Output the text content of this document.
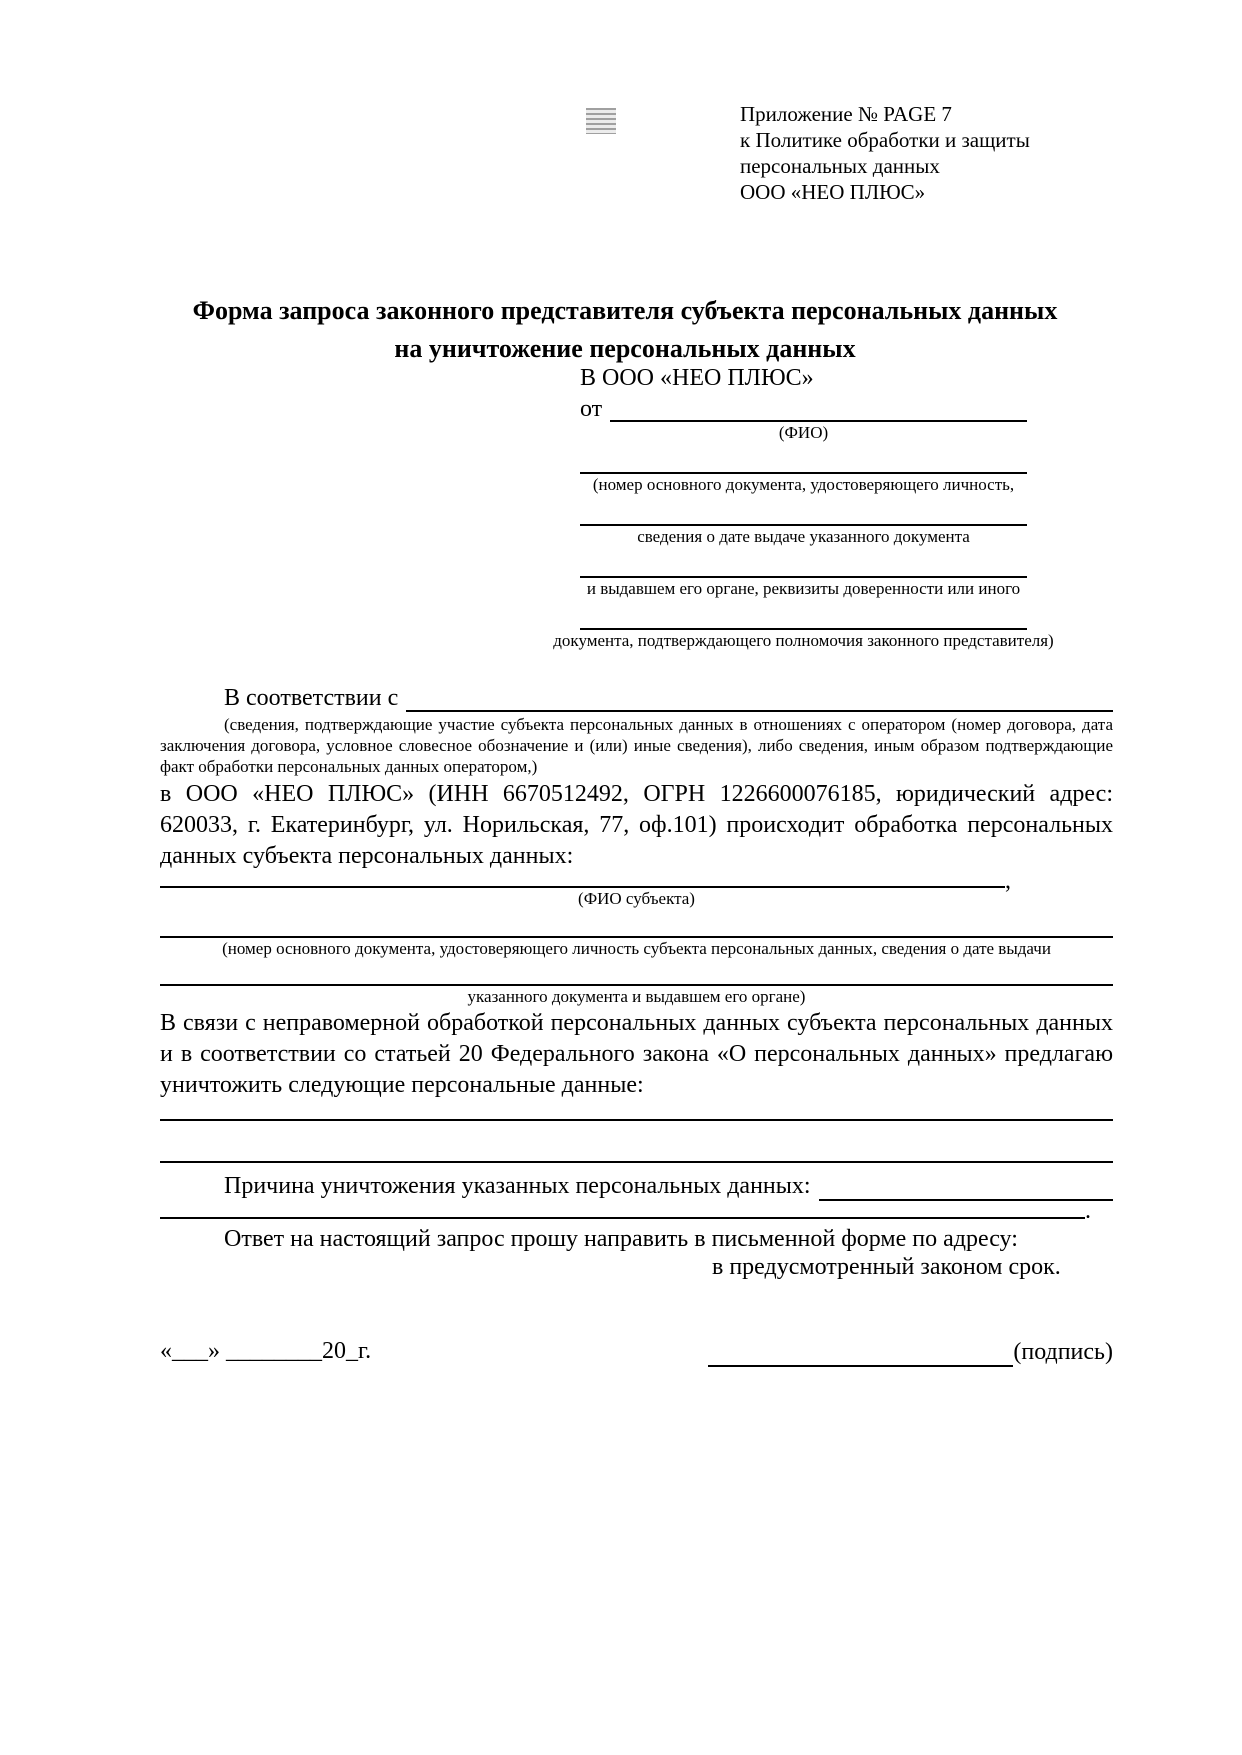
Приложение № PAGE 7
к Политике обработки и защиты
персональных данных
ООО «НЕО ПЛЮС»
Форма запроса законного представителя субъекта персональных данных
на уничтожение персональных данных
В ООО «НЕО ПЛЮС»
от
(ФИО)
(номер основного документа, удостоверяющего личность,
сведения о дате выдаче указанного документа
и выдавшем его органе, реквизиты доверенности или иного
документа, подтверждающего полномочия законного представителя)
В соответствии с
(сведения, подтверждающие участие субъекта персональных данных в отношениях с оператором (номер договора, дата заключения договора, условное словесное обозначение и (или) иные сведения), либо сведения, иным образом подтверждающие факт обработки персональных данных оператором,)
в ООО «НЕО ПЛЮС» (ИНН 6670512492, ОГРН 1226600076185, юридический адрес: 620033, г. Екатеринбург, ул. Норильская, 77, оф.101) происходит обработка персональных данных субъекта персональных данных:
,
(ФИО субъекта)
(номер основного документа, удостоверяющего личность субъекта персональных данных, сведения о дате выдачи
указанного документа и выдавшем его органе)
В связи с неправомерной обработкой персональных данных субъекта персональных данных и в соответствии со статьей 20 Федерального закона «О персональных данных» предлагаю уничтожить следующие персональные данные:
Причина уничтожения указанных персональных данных:
.
Ответ на настоящий запрос прошу направить в письменной форме по адресу:
в предусмотренный законом срок.
«___» ________20_г.	(подпись)
